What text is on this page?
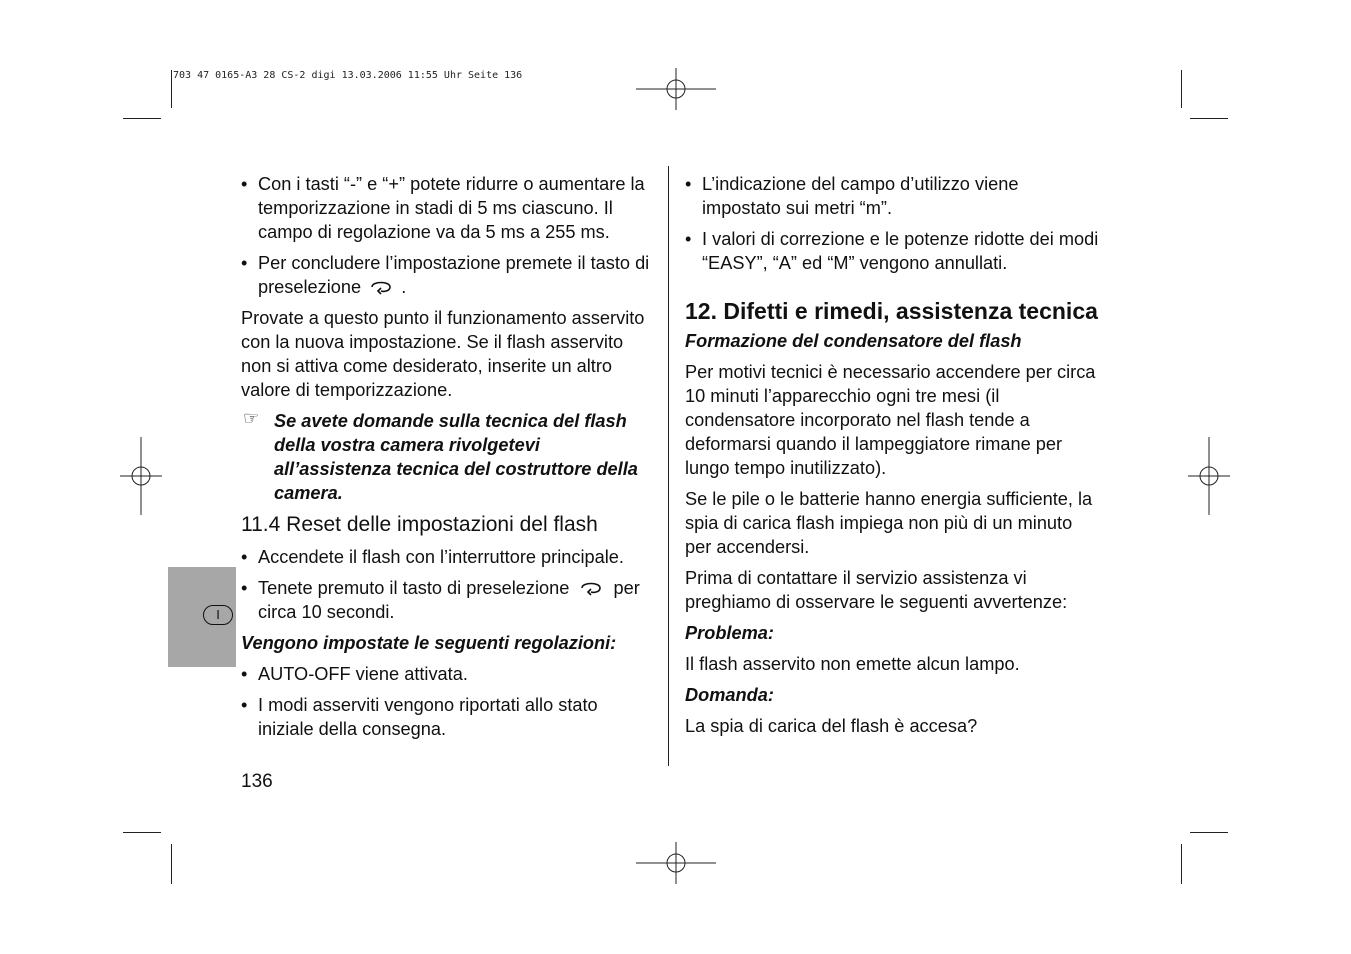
703 47 0165-A3 28 CS-2 digi 13.03.2006 11:55 Uhr Seite 136
I
• Con i tasti “-” e “+” potete ridurre o aumentare la temporizzazione in stadi di 5 ms ciascuno. Il campo di regolazione va da 5 ms a 255 ms.
• Per concludere l’impostazione premete il tasto di preselezione .
Provate a questo punto il funzionamento asservito con la nuova impostazione. Se il flash asservito non si attiva come desiderato, inserite un altro valore di temporizzazione.
☞ Se avete domande sulla tecnica del flash della vostra camera rivolgetevi all’assistenza tecnica del costruttore della camera.
11.4 Reset delle impostazioni del flash
• Accendete il flash con l’interruttore principale.
• Tenete premuto il tasto di preselezione per circa 10 secondi.
Vengono impostate le seguenti regolazioni:
• AUTO-OFF viene attivata.
• I modi asserviti vengono riportati allo stato iniziale della consegna.
• L’indicazione del campo d’utilizzo viene impostato sui metri “m”.
• I valori di correzione e le potenze ridotte dei modi “EASY”, “A” ed “M” vengono annullati.
12. Difetti e rimedi, assistenza tecnica
Formazione del condensatore del flash
Per motivi tecnici è necessario accendere per circa 10 minuti l’apparecchio ogni tre mesi (il condensatore incorporato nel flash tende a deformarsi quando il lampeggiatore rimane per lungo tempo inutilizzato).
Se le pile o le batterie hanno energia sufficiente, la spia di carica flash impiega non più di un minuto per accendersi.
Prima di contattare il servizio assistenza vi preghiamo di osservare le seguenti avvertenze:
Problema:
Il flash asservito non emette alcun lampo.
Domanda:
La spia di carica del flash è accesa?
136
